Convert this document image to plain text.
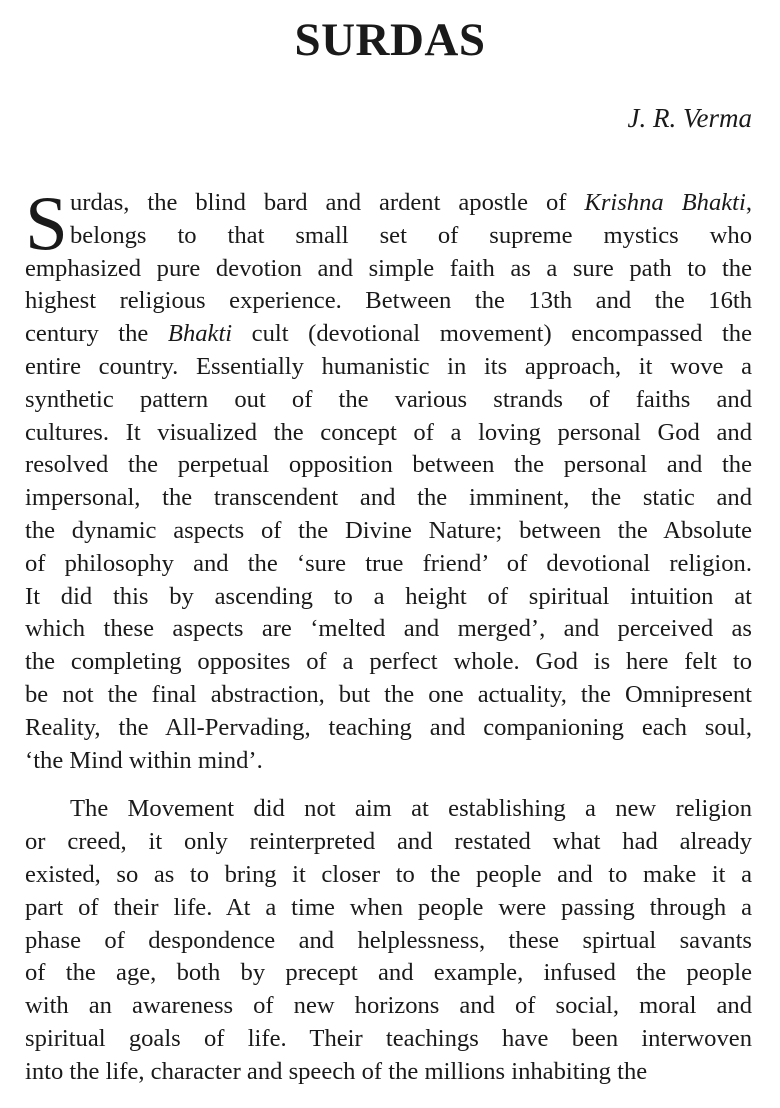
SURDAS
J. R. Verma
S urdas, the blind bard and ardent apostle of Krishna Bhakti,
belongs to that small set of supreme mystics who
emphasized pure devotion and simple faith as a sure path to the
highest religious experience. Between the 13th and the 16th
century the Bhakti cult (devotional movement) encompassed the
entire country. Essentially humanistic in its approach, it wove a
synthetic pattern out of the various strands of faiths and
cultures. It visualized the concept of a loving personal God and
resolved the perpetual opposition between the personal and the
impersonal, the transcendent and the imminent, the static and
the dynamic aspects of the Divine Nature; between the Absolute
of philosophy and the ‘sure true friend’ of devotional religion.
It did this by ascending to a height of spiritual intuition at
which these aspects are ‘melted and merged’, and perceived as
the completing opposites of a perfect whole. God is here felt to
be not the final abstraction, but the one actuality, the Omnipresent
Reality, the All-Pervading, teaching and companioning each soul,
‘the Mind within mind’.
The Movement did not aim at establishing a new religion
or creed, it only reinterpreted and restated what had already
existed, so as to bring it closer to the people and to make it a
part of their life. At a time when people were passing through a
phase of despondence and helplessness, these spirtual savants
of the age, both by precept and example, infused the people
with an awareness of new horizons and of social, moral and
spiritual goals of life. Their teachings have been interwoven
into the life, character and speech of the millions inhabiting the
